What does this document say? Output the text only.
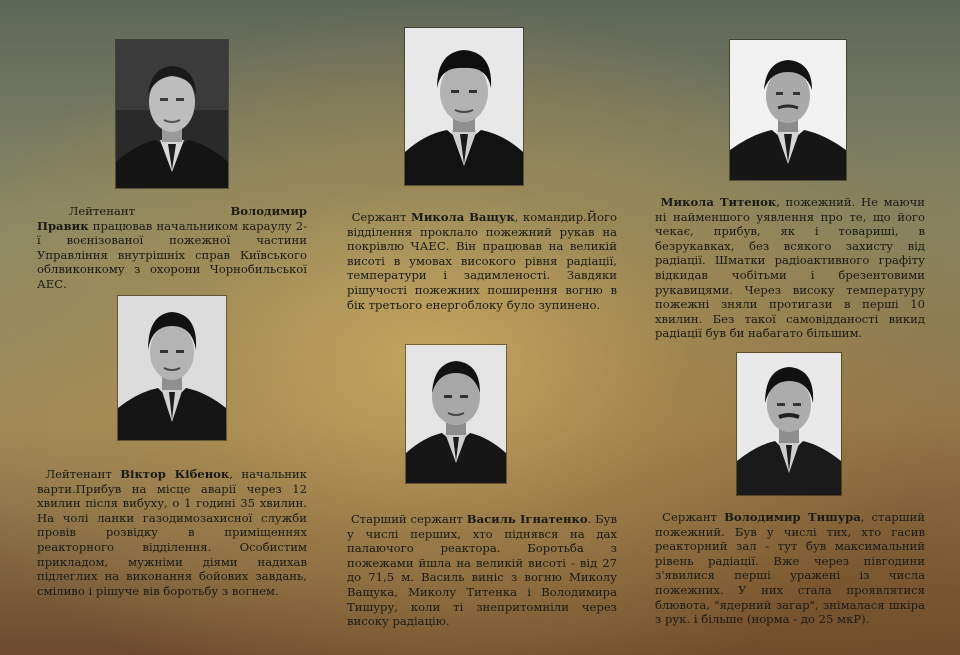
Лейтенант	Володимир Правик працював начальником караулу 2-ї воєнізованої пожежної частини Управління внутрішніх справ Київського облвиконкому з охорони Чорнобильської АЕС.
Сержант Микола Ващук, командир.Його відділення проклало пожежний рукав на покрівлю ЧАЕС. Він працював на великій висоті в умовах високого рівня радіації, температури і задимленості. Завдяки рішучості пожежних поширення вогню в бік третього енергоблоку було зупинено.
Микола Титенок, пожежний. Не маючи ні найменшого уявлення про те, що його чекає, прибув, як і товариші, в безрукавках, без всякого захисту від радіації. Шматки радіоактивного графіту відкидав чобітьми і брезентовими рукавицями. Через високу температуру пожежні зняли протигази в перші 10 хвилин. Без такої самовідданості викид радіації був би набагато більшим.
Лейтенант Віктор Кібенок, начальник варти.Прибув на місце аварії через 12 хвилин після вибуху, о 1 годині 35 хвилин. На чолі ланки газодимозахисної служби провів розвідку в приміщеннях реакторного відділення. Особистим прикладом, мужніми діями надихав підлеглих на виконання бойових завдань, сміливо і рішуче вів боротьбу з вогнем.
Старший сержант Василь Ігнатенко. Був у числі перших, хто піднявся на дах палаючого реактора. Боротьба з пожежами йшла на великій висоті - від 27 до 71,5 м. Василь виніс з вогню Миколу Ващука, Миколу Титенка і Володимира Тишуру, коли ті знепритомніли через високу радіацію.
Сержант Володимир Тишура, старший пожежний. Був у числі тих, хто гасив реакторний зал - тут був максимальний рівень радіації. Вже через півгодини з'явилися перші уражені із числа пожежних. У них стала проявлятися блювота, "ядерний загар", знімалася шкіра з рук. і більше (норма - до 25 мкР).
